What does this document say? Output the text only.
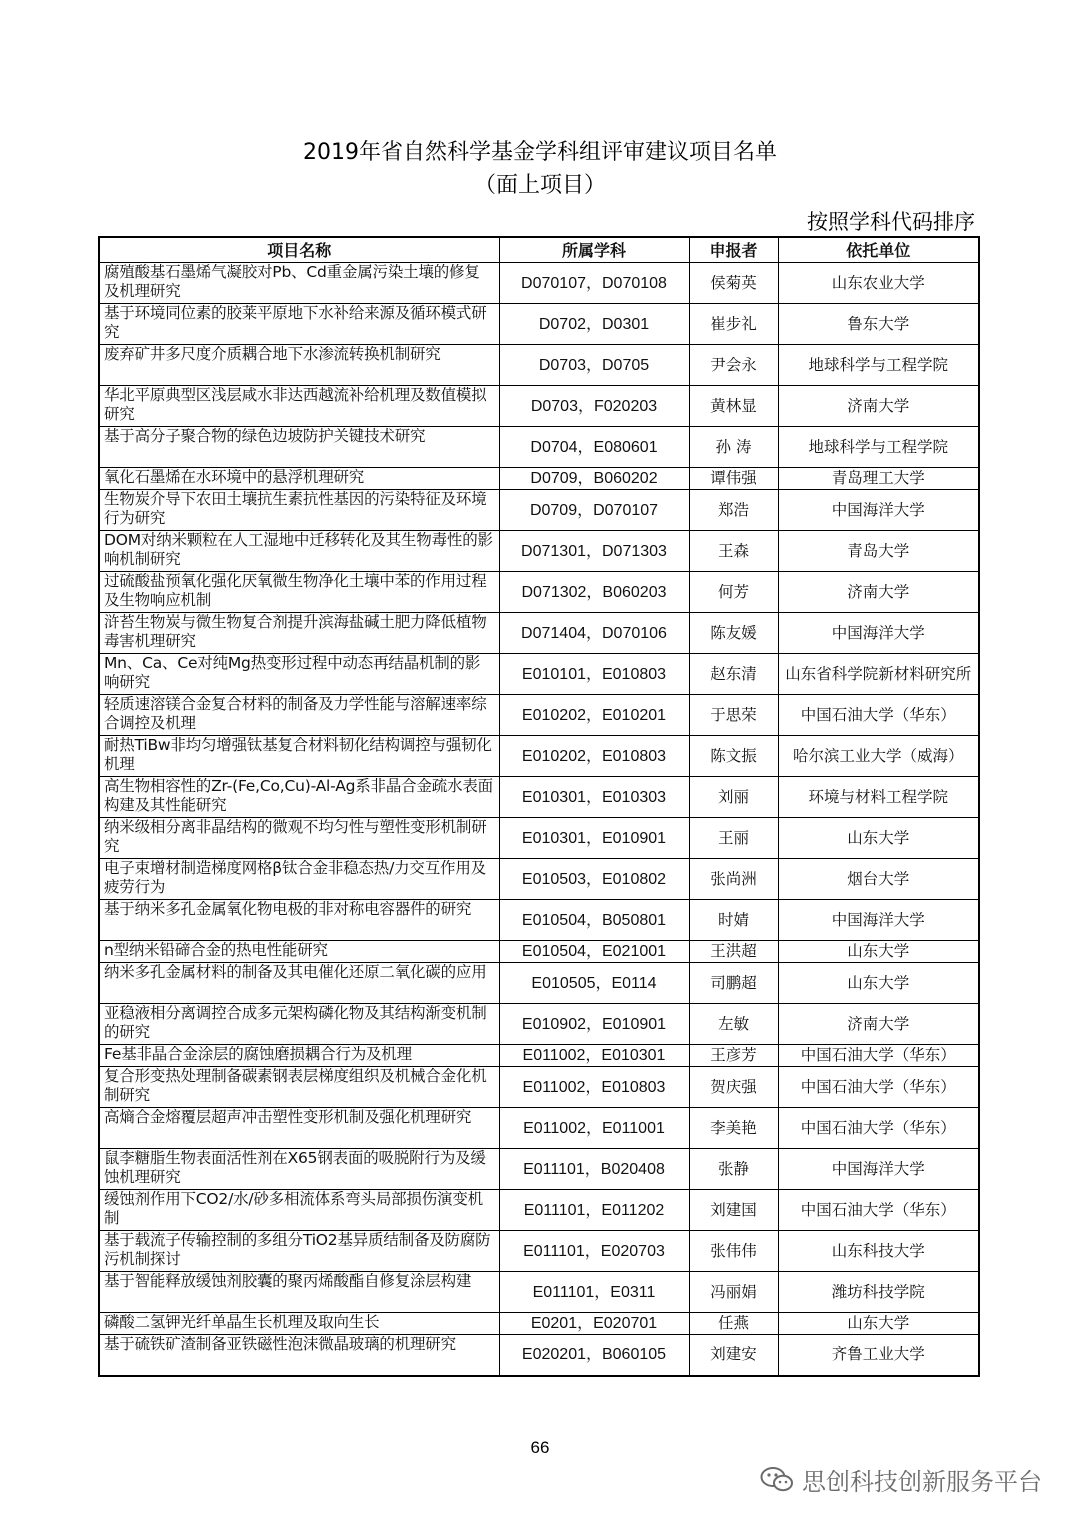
2019年省自然科学基金学科组评审建议项目名单
（面上项目）
按照学科代码排序
项目名称	所属学科	申报者	依托单位

腐殖酸基石墨烯气凝胶对Pb、Cd重金属污染土壤的修复及机理研究	D070107，D070108	侯菊英	山东农业大学

基于环境同位素的胶莱平原地下水补给来源及循环模式研究	D0702，D0301	崔步礼	鲁东大学

废弃矿井多尺度介质耦合地下水渗流转换机制研究	D0703，D0705	尹会永	地球科学与工程学院

华北平原典型区浅层咸水非达西越流补给机理及数值模拟研究	D0703，F020203	黄林显	济南大学

基于高分子聚合物的绿色边坡防护关键技术研究	D0704，E080601	孙 涛	地球科学与工程学院

氧化石墨烯在水环境中的悬浮机理研究	D0709，B060202	谭伟强	青岛理工大学

生物炭介导下农田土壤抗生素抗性基因的污染特征及环境行为研究	D0709，D070107	郑浩	中国海洋大学

DOM对纳米颗粒在人工湿地中迁移转化及其生物毒性的影响机制研究	D071301，D071303	王森	青岛大学

过硫酸盐预氧化强化厌氧微生物净化土壤中苯的作用过程及生物响应机制	D071302，B060203	何芳	济南大学

浒苔生物炭与微生物复合剂提升滨海盐碱土肥力降低植物毒害机理研究	D071404，D070106	陈友媛	中国海洋大学

Mn、Ca、Ce对纯Mg热变形过程中动态再结晶机制的影响研究	E010101，E010803	赵东清	山东省科学院新材料研究所

轻质速溶镁合金复合材料的制备及力学性能与溶解速率综合调控及机理	E010202，E010201	于思荣	中国石油大学（华东）

耐热TiBw非均匀增强钛基复合材料韧化结构调控与强韧化机理	E010202，E010803	陈文振	哈尔滨工业大学（威海）

高生物相容性的Zr-(Fe,Co,Cu)-Al-Ag系非晶合金疏水表面构建及其性能研究	E010301，E010303	刘丽	环境与材料工程学院

纳米级相分离非晶结构的微观不均匀性与塑性变形机制研究	E010301，E010901	王丽	山东大学

电子束增材制造梯度网格β钛合金非稳态热/力交互作用及疲劳行为	E010503，E010802	张尚洲	烟台大学

基于纳米多孔金属氧化物电极的非对称电容器件的研究	E010504，B050801	时婧	中国海洋大学

n型纳米铅碲合金的热电性能研究	E010504，E021001	王洪超	山东大学

纳米多孔金属材料的制备及其电催化还原二氧化碳的应用	E010505，E0114	司鹏超	山东大学

亚稳液相分离调控合成多元架构磷化物及其结构渐变机制的研究	E010902，E010901	左敏	济南大学

Fe基非晶合金涂层的腐蚀磨损耦合行为及机理	E011002，E010301	王彦芳	中国石油大学（华东）

复合形变热处理制备碳素钢表层梯度组织及机械合金化机制研究	E011002，E010803	贺庆强	中国石油大学（华东）

高熵合金熔覆层超声冲击塑性变形机制及强化机理研究	E011002，E011001	李美艳	中国石油大学（华东）

鼠李糖脂生物表面活性剂在X65钢表面的吸脱附行为及缓蚀机理研究	E011101，B020408	张静	中国海洋大学

缓蚀剂作用下CO2/水/砂多相流体系弯头局部损伤演变机制	E011101，E011202	刘建国	中国石油大学（华东）

基于载流子传输控制的多组分TiO2基异质结制备及防腐防污机制探讨	E011101，E020703	张伟伟	山东科技大学

基于智能释放缓蚀剂胶囊的聚丙烯酸酯自修复涂层构建	E011101，E0311	冯丽娟	潍坊科技学院

磷酸二氢钾光纤单晶生长机理及取向生长	E0201，E020701	任燕	山东大学

基于硫铁矿渣制备亚铁磁性泡沫微晶玻璃的机理研究	E020201，B060105	刘建安	齐鲁工业大学
66
思创科技创新服务平台
